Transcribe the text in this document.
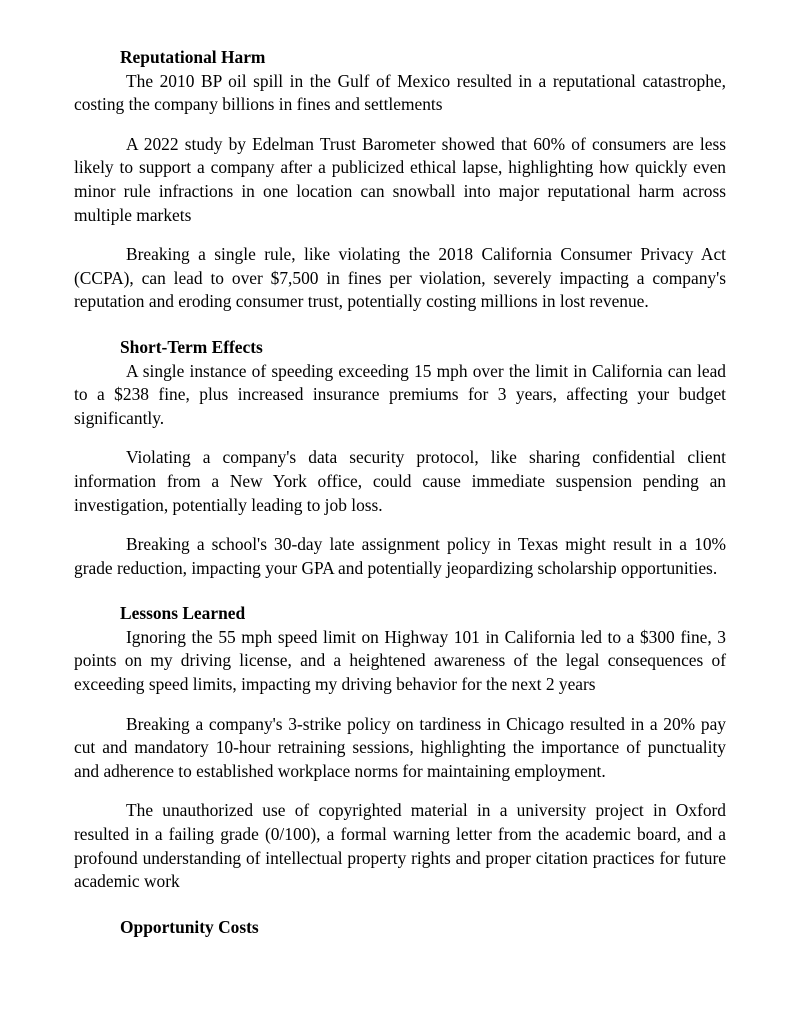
Reputational Harm

The 2010 BP oil spill in the Gulf of Mexico resulted in a reputational catastrophe, costing the company billions in fines and settlements

A 2022 study by Edelman Trust Barometer showed that 60% of consumers are less likely to support a company after a publicized ethical lapse, highlighting how quickly even minor rule infractions in one location can snowball into major reputational harm across multiple markets

Breaking a single rule, like violating the 2018 California Consumer Privacy Act (CCPA), can lead to over $7,500 in fines per violation, severely impacting a company's reputation and eroding consumer trust, potentially costing millions in lost revenue.

Short-Term Effects

A single instance of speeding exceeding 15 mph over the limit in California can lead to a $238 fine, plus increased insurance premiums for 3 years, affecting your budget significantly.

Violating a company's data security protocol, like sharing confidential client information from a New York office, could cause immediate suspension pending an investigation, potentially leading to job loss.

Breaking a school's 30-day late assignment policy in Texas might result in a 10% grade reduction, impacting your GPA and potentially jeopardizing scholarship opportunities.

Lessons Learned

Ignoring the 55 mph speed limit on Highway 101 in California led to a $300 fine, 3 points on my driving license, and a heightened awareness of the legal consequences of exceeding speed limits, impacting my driving behavior for the next 2 years

Breaking a company's 3-strike policy on tardiness in Chicago resulted in a 20% pay cut and mandatory 10-hour retraining sessions, highlighting the importance of punctuality and adherence to established workplace norms for maintaining employment.

The unauthorized use of copyrighted material in a university project in Oxford resulted in a failing grade (0/100), a formal warning letter from the academic board, and a profound understanding of intellectual property rights and proper citation practices for future academic work

Opportunity Costs
